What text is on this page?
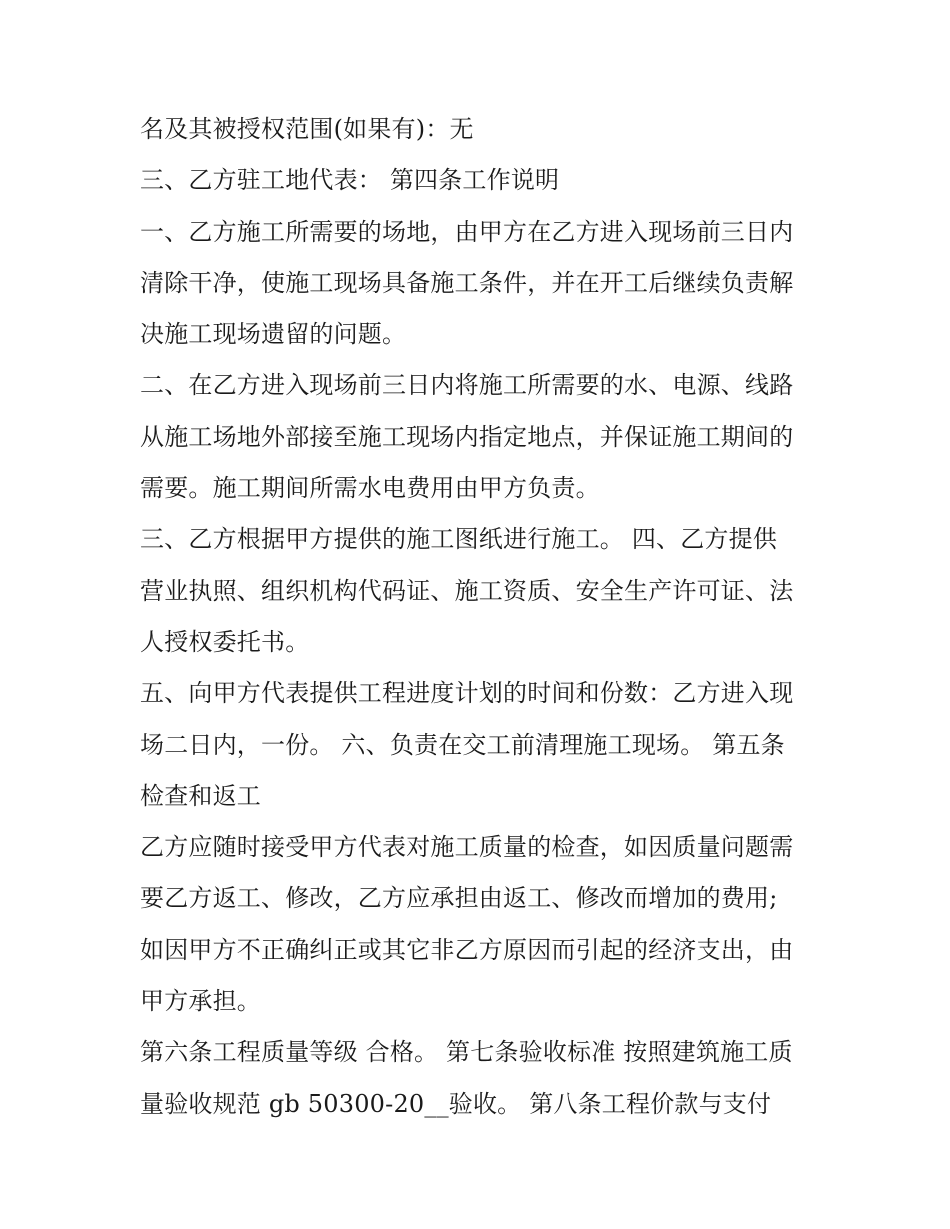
名及其被授权范围(如果有)：无

三、乙方驻工地代表： 第四条工作说明

一、乙方施工所需要的场地，由甲方在乙方进入现场前三日内

清除干净，使施工现场具备施工条件，并在开工后继续负责解

决施工现场遗留的问题。

二、在乙方进入现场前三日内将施工所需要的水、电源、线路

从施工场地外部接至施工现场内指定地点，并保证施工期间的

需要。施工期间所需水电费用由甲方负责。

三、乙方根据甲方提供的施工图纸进行施工。 四、乙方提供

营业执照、组织机构代码证、施工资质、安全生产许可证、法

人授权委托书。

五、向甲方代表提供工程进度计划的时间和份数：乙方进入现

场二日内，一份。 六、负责在交工前清理施工现场。 第五条

检查和返工

乙方应随时接受甲方代表对施工质量的检查，如因质量问题需

要乙方返工、修改，乙方应承担由返工、修改而增加的费用;

如因甲方不正确纠正或其它非乙方原因而引起的经济支出，由

甲方承担。

第六条工程质量等级 合格。 第七条验收标准 按照建筑施工质

量验收规范 gb 50300-20__验收。 第八条工程价款与支付
